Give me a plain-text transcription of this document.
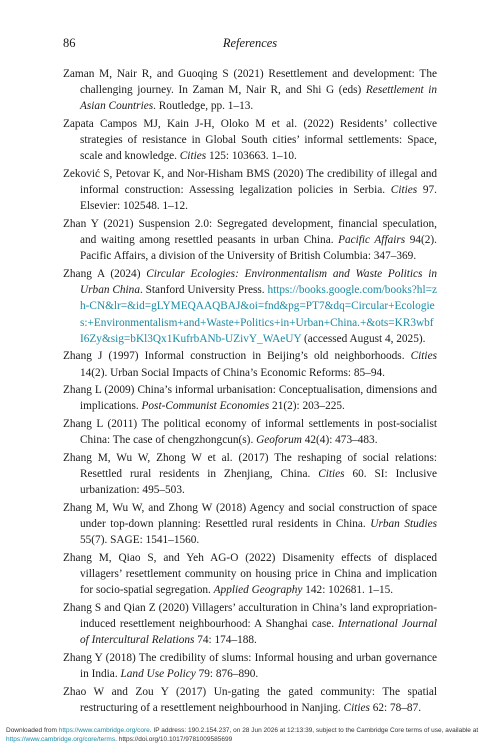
86	References

Zaman M, Nair R, and Guoqing S (2021) Resettlement and development: The challenging journey. In Zaman M, Nair R, and Shi G (eds) Resettlement in Asian Countries. Routledge, pp. 1–13.

Zapata Campos MJ, Kain J-H, Oloko M et al. (2022) Residents’ collective strategies of resistance in Global South cities’ informal settlements: Space, scale and knowledge. Cities 125: 103663. 1–10.

Zeković S, Petovar K, and Nor-Hisham BMS (2020) The credibility of illegal and informal construction: Assessing legalization policies in Serbia. Cities 97. Elsevier: 102548. 1–12.

Zhan Y (2021) Suspension 2.0: Segregated development, financial speculation, and waiting among resettled peasants in urban China. Pacific Affairs 94(2). Pacific Affairs, a division of the University of British Columbia: 347–369.

Zhang A (2024) Circular Ecologies: Environmentalism and Waste Politics in Urban China. Stanford University Press. https://books.google.com/books?hl=zh-CN&lr=&id=gLYMEQAAQBAJ&oi=fnd&pg=PT7&dq=Circular+Ecologies:+Environmentalism+and+Waste+Politics+in+Urban+China.+&ots=KR3wbfI6Zy&sig=bKl3Qx1KufrbANb-UZivY_WAeUY (accessed August 4, 2025).

Zhang J (1997) Informal construction in Beijing’s old neighborhoods. Cities 14(2). Urban Social Impacts of China’s Economic Reforms: 85–94.

Zhang L (2009) China’s informal urbanisation: Conceptualisation, dimensions and implications. Post-Communist Economies 21(2): 203–225.

Zhang L (2011) The political economy of informal settlements in post-socialist China: The case of chengzhongcun(s). Geoforum 42(4): 473–483.

Zhang M, Wu W, Zhong W et al. (2017) The reshaping of social relations: Resettled rural residents in Zhenjiang, China. Cities 60. SI: Inclusive urbanization: 495–503.

Zhang M, Wu W, and Zhong W (2018) Agency and social construction of space under top-down planning: Resettled rural residents in China. Urban Studies 55(7). SAGE: 1541–1560.

Zhang M, Qiao S, and Yeh AG-O (2022) Disamenity effects of displaced villagers’ resettlement community on housing price in China and implication for socio-spatial segregation. Applied Geography 142: 102681. 1–15.

Zhang S and Qian Z (2020) Villagers’ acculturation in China’s land expropriation-induced resettlement neighbourhood: A Shanghai case. International Journal of Intercultural Relations 74: 174–188.

Zhang Y (2018) The credibility of slums: Informal housing and urban governance in India. Land Use Policy 79: 876–890.

Zhao W and Zou Y (2017) Un-gating the gated community: The spatial restructuring of a resettlement neighbourhood in Nanjing. Cities 62: 78–87.

Downloaded from https://www.cambridge.org/core. IP address: 190.2.154.237, on 28 Jun 2026 at 12:13:39, subject to the Cambridge Core terms of use, available at https://www.cambridge.org/core/terms. https://doi.org/10.1017/9781009585699
